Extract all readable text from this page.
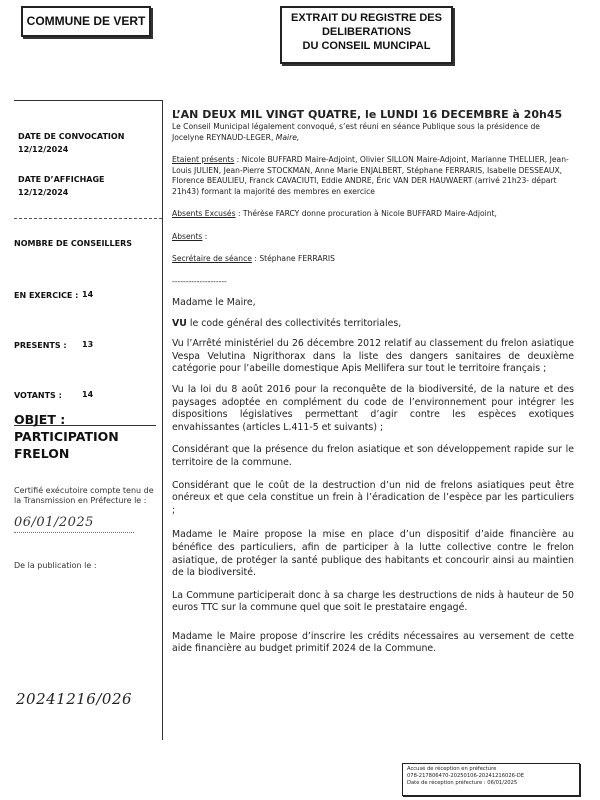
COMMUNE DE VERT	EXTRAIT DU REGISTRE DES
DELIBERATIONS
DU CONSEIL MUNCIPAL
DATE DE CONVOCATION
12/12/2024
DATE D’AFFICHAGE
12/12/2024
NOMBRE DE CONSEILLERS
EN EXERCICE : 14
PRESENTS : 13
VOTANTS :	14
OBJET : PARTICIPATION
FRELON
Certifié exécutoire compte tenu de
la Transmission en Préfecture le :
06/01/2025
De la publication le :
20241216/026

L’AN DEUX MIL VINGT QUATRE, le LUNDI 16 DECEMBRE à 20h45

Le Conseil Municipal légalement convoqué, s’est réuni en séance Publique sous la présidence de

Jocelyne REYNAUD-LEGER, Maire,

Etaient présents : Nicole BUFFARD Maire-Adjoint, Olivier SILLON Maire-Adjoint, Marianne THELLIER, Jean-Louis JULIEN, Jean-Pierre STOCKMAN, Anne Marie ENJALBERT, Stéphane FERRARIS, Isabelle DESSEAUX, Florence BEAULIEU, Franck CAVACIUTI, Eddie ANDRE, Éric VAN DER HAUWAERT (arrivé 21h23- départ 21h43) formant la majorité des membres en exercice

Absents Excusés : Thérèse FARCY donne procuration à Nicole BUFFARD Maire-Adjoint,

Absents :

Secrétaire de séance : Stéphane FERRARIS

--------------------

Madame le Maire,

VU le code général des collectivités territoriales,

Vu l’Arrêté ministériel du 26 décembre 2012 relatif au classement du frelon asiatique Vespa Velutina Nigrithorax dans la liste des dangers sanitaires de deuxième catégorie pour l’abeille domestique Apis Mellifera sur tout le territoire français ;

Vu la loi du 8 août 2016 pour la reconquête de la biodiversité, de la nature et des paysages adoptée en complément du code de l’environnement pour intégrer les dispositions législatives permettant d’agir contre les espèces exotiques envahissantes (articles L.411-5 et suivants) ;

Considérant que la présence du frelon asiatique et son développement rapide sur le territoire de la commune.

Considérant que le coût de la destruction d’un nid de frelons asiatiques peut être onéreux et que cela constitue un frein à l’éradication de l’espèce par les particuliers ;

Madame le Maire propose la mise en place d’un dispositif d’aide financière au bénéfice des particuliers, afin de participer à la lutte collective contre le frelon asiatique, de protéger la santé publique des habitants et concourir ainsi au maintien de la biodiversité.

La Commune participerait donc à sa charge les destructions de nids à hauteur de 50 euros TTC sur la commune quel que soit le prestataire engagé.

Madame le Maire propose d’inscrire les crédits nécessaires au versement de cette aide financière au budget primitif 2024 de la Commune.

Accusé de réception en préfecture
078-217806470-20250106-20241216026-DE
Date de réception préfecture : 06/01/2025
